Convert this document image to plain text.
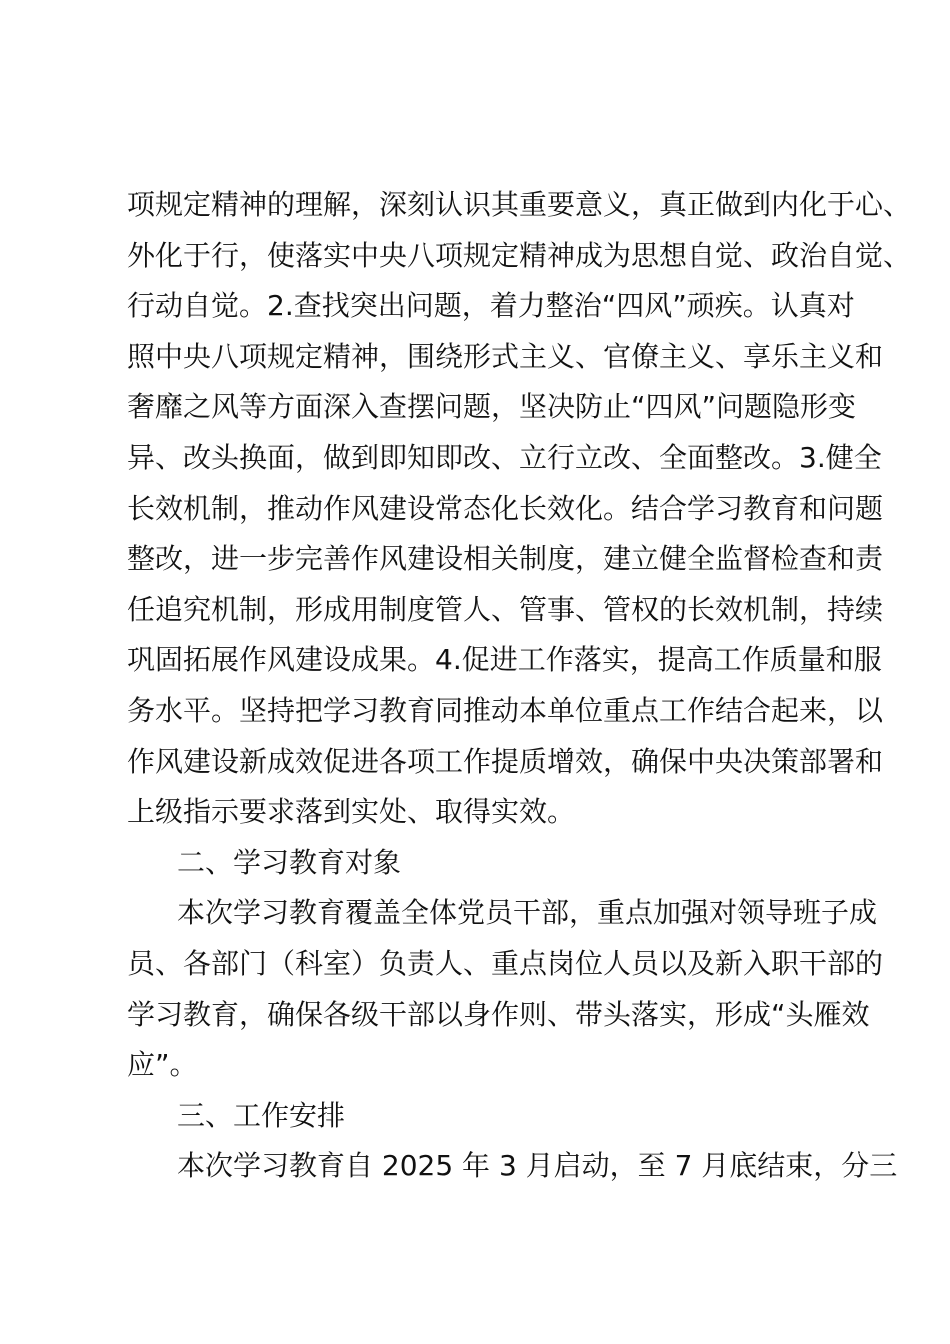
项规定精神的理解，深刻认识其重要意义，真正做到内化于心、
外化于行，使落实中央八项规定精神成为思想自觉、政治自觉、
行动自觉。2.查找突出问题，着力整治“四风”顽疾。认真对
照中央八项规定精神，围绕形式主义、官僚主义、享乐主义和
奢靡之风等方面深入查摆问题，坚决防止“四风”问题隐形变
异、改头换面，做到即知即改、立行立改、全面整改。3.健全
长效机制，推动作风建设常态化长效化。结合学习教育和问题
整改，进一步完善作风建设相关制度，建立健全监督检查和责
任追究机制，形成用制度管人、管事、管权的长效机制，持续
巩固拓展作风建设成果。4.促进工作落实，提高工作质量和服
务水平。坚持把学习教育同推动本单位重点工作结合起来，以
作风建设新成效促进各项工作提质增效，确保中央决策部署和
上级指示要求落到实处、取得实效。
二、学习教育对象
本次学习教育覆盖全体党员干部，重点加强对领导班子成
员、各部门（科室）负责人、重点岗位人员以及新入职干部的
学习教育，确保各级干部以身作则、带头落实，形成“头雁效
应”。
三、工作安排
本次学习教育自 2025 年 3 月启动，至 7 月底结束，分三
